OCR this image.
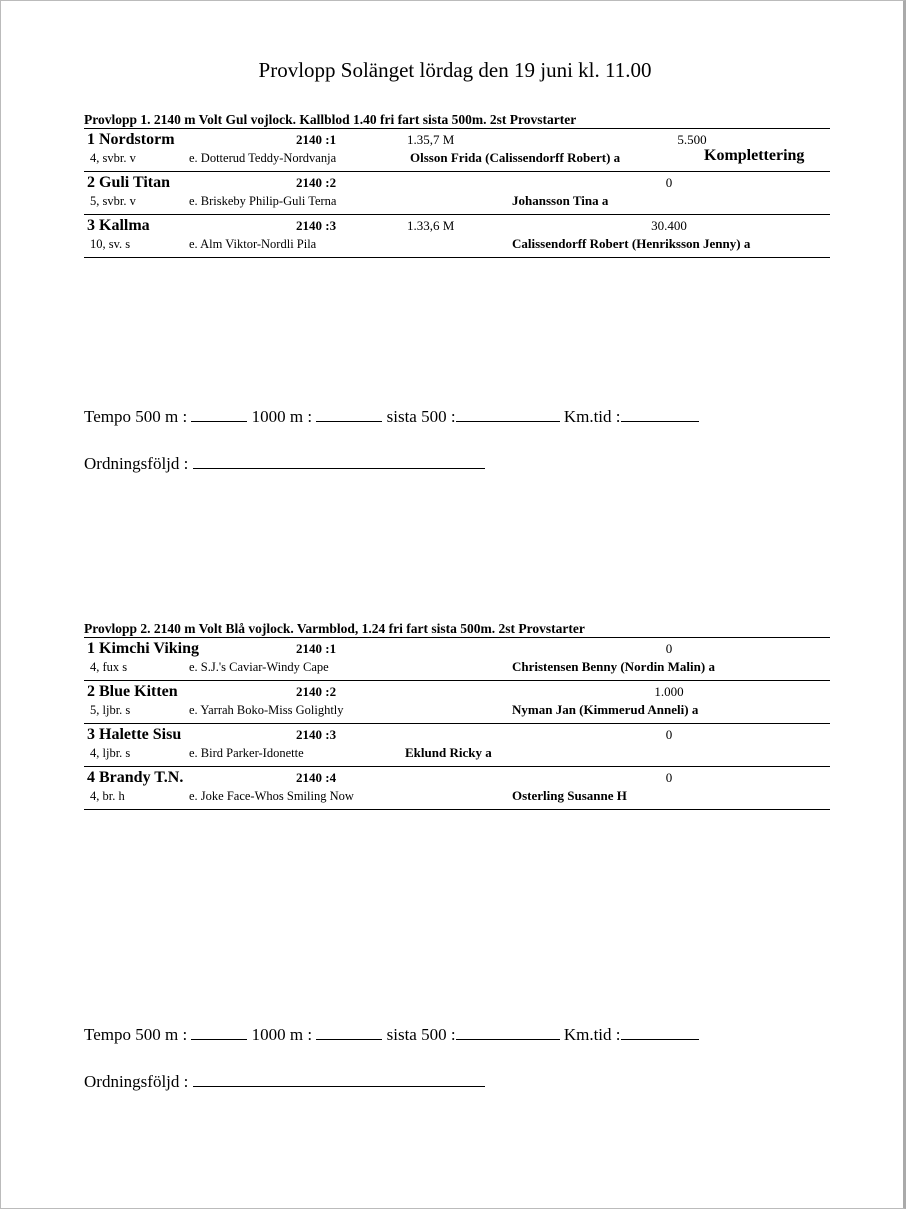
Provlopp Solänget lördag den 19 juni kl. 11.00
Provlopp 1. 2140 m Volt Gul vojlock. Kallblod 1.40 fri fart sista 500m. 2st Provstarter
1 Nordstorm	2140 :1	1.35,7 M	5.500
4, svbr. v	e. Dotterud Teddy-Nordvanja	Olsson Frida (Calissendorff Robert) a	Komplettering
2 Guli Titan	2140 :2	0
5, svbr. v	e. Briskeby Philip-Guli Terna	Johansson Tina a
3 Kallma	2140 :3	1.33,6 M	30.400
10, sv. s	e. Alm Viktor-Nordli Pila	Calissendorff Robert (Henriksson Jenny) a
Tempo 500 m :	1000 m :	sista 500 :	Km.tid :
Ordningsföljd :
Provlopp 2. 2140 m Volt Blå vojlock. Varmblod, 1.24 fri fart sista 500m. 2st Provstarter
1 Kimchi Viking	2140 :1	0
4, fux s	e. S.J.'s Caviar-Windy Cape	Christensen Benny (Nordin Malin) a
2 Blue Kitten	2140 :2	1.000
5, ljbr. s	e. Yarrah Boko-Miss Golightly	Nyman Jan (Kimmerud Anneli) a
3 Halette Sisu	2140 :3	0
4, ljbr. s	e. Bird Parker-Idonette	Eklund Ricky a
4 Brandy T.N.	2140 :4	0
4, br. h	e. Joke Face-Whos Smiling Now	Osterling Susanne H
Tempo 500 m :	1000 m :	sista 500 :	Km.tid :
Ordningsföljd :
